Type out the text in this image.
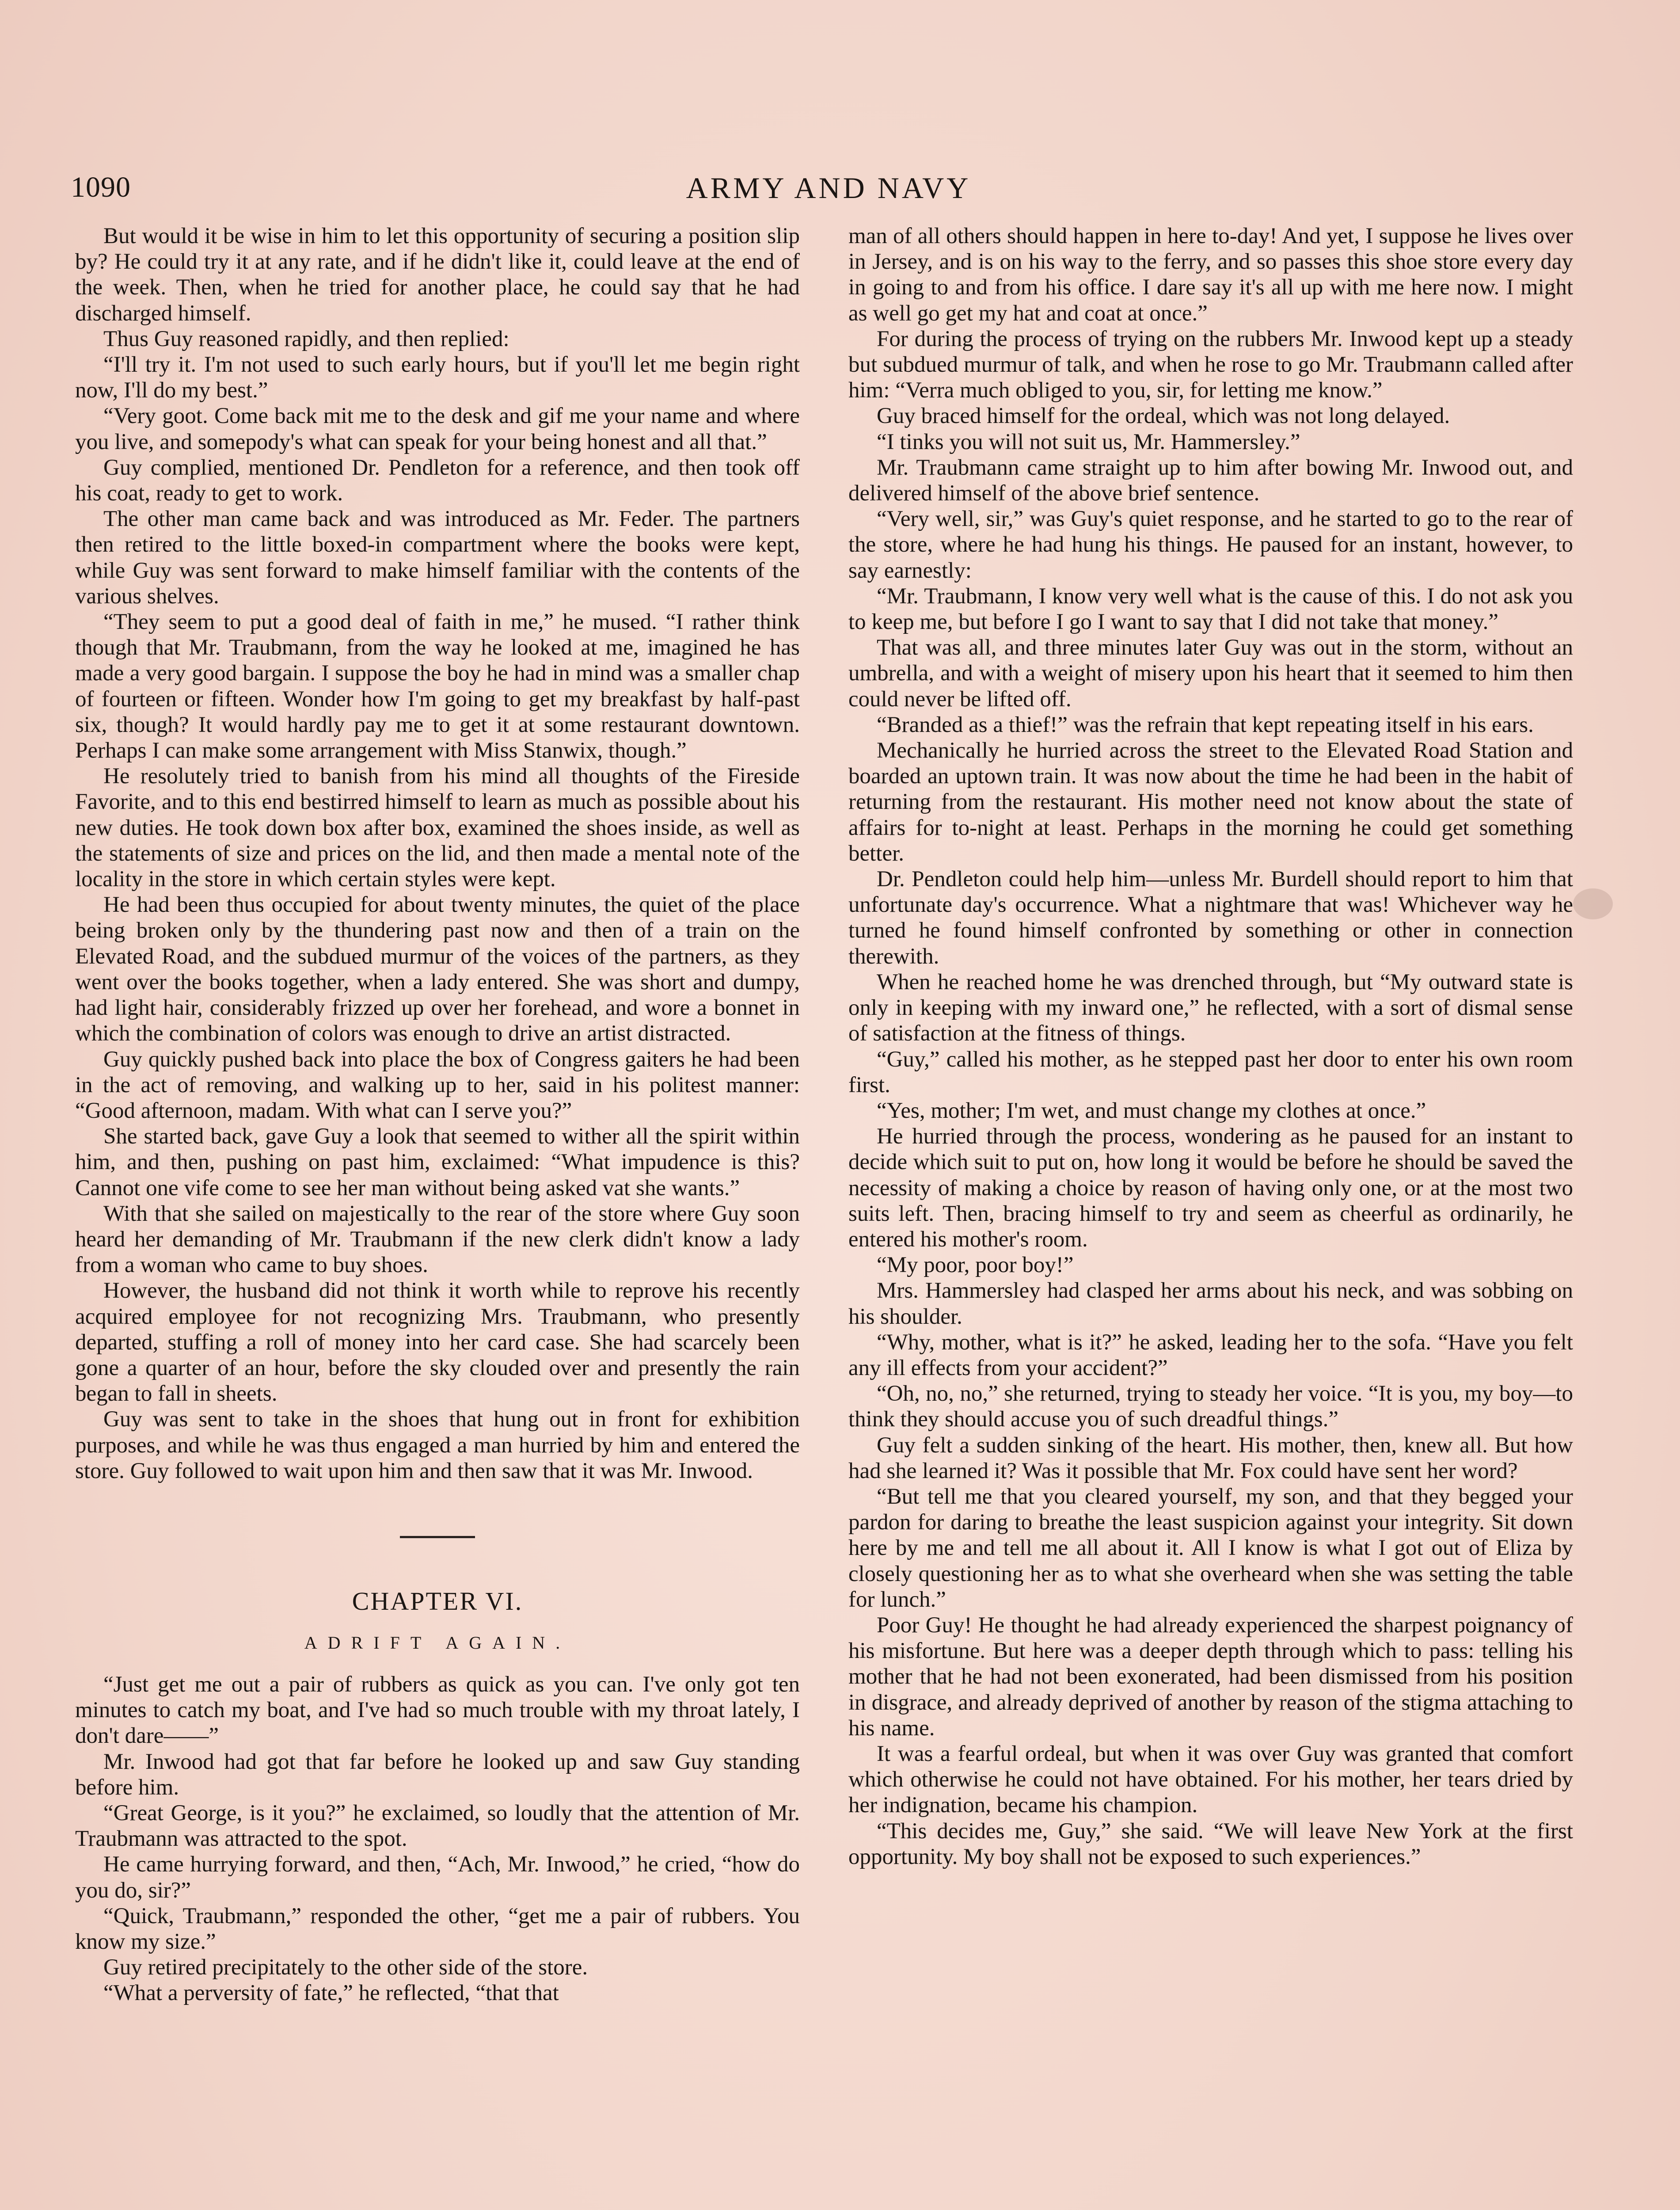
1090	ARMY AND NAVY

But would it be wise in him to let this opportunity of securing a position slip by? He could try it at any rate, and if he didn't like it, could leave at the end of the week. Then, when he tried for another place, he could say that he had discharged himself.

Thus Guy reasoned rapidly, and then replied:

“I'll try it. I'm not used to such early hours, but if you'll let me begin right now, I'll do my best.”

“Very goot. Come back mit me to the desk and gif me your name and where you live, and somepody's what can speak for your being honest and all that.”

Guy complied, mentioned Dr. Pendleton for a reference, and then took off his coat, ready to get to work.

The other man came back and was introduced as Mr. Feder. The partners then retired to the little boxed-in compartment where the books were kept, while Guy was sent forward to make himself familiar with the contents of the various shelves.

“They seem to put a good deal of faith in me,” he mused. “I rather think though that Mr. Traubmann, from the way he looked at me, imagined he has made a very good bargain. I suppose the boy he had in mind was a smaller chap of fourteen or fifteen. Wonder how I'm going to get my breakfast by half-past six, though? It would hardly pay me to get it at some restaurant downtown. Perhaps I can make some arrangement with Miss Stanwix, though.”

He resolutely tried to banish from his mind all thoughts of the Fireside Favorite, and to this end bestirred himself to learn as much as possible about his new duties. He took down box after box, examined the shoes inside, as well as the statements of size and prices on the lid, and then made a mental note of the locality in the store in which certain styles were kept.

He had been thus occupied for about twenty minutes, the quiet of the place being broken only by the thundering past now and then of a train on the Elevated Road, and the subdued murmur of the voices of the partners, as they went over the books together, when a lady entered. She was short and dumpy, had light hair, considerably frizzed up over her forehead, and wore a bonnet in which the combination of colors was enough to drive an artist distracted.

Guy quickly pushed back into place the box of Congress gaiters he had been in the act of removing, and walking up to her, said in his politest manner: “Good afternoon, madam. With what can I serve you?”

She started back, gave Guy a look that seemed to wither all the spirit within him, and then, pushing on past him, exclaimed: “What impudence is this? Cannot one vife come to see her man without being asked vat she wants.”

With that she sailed on majestically to the rear of the store where Guy soon heard her demanding of Mr. Traubmann if the new clerk didn't know a lady from a woman who came to buy shoes.

However, the husband did not think it worth while to reprove his recently acquired employee for not recognizing Mrs. Traubmann, who presently departed, stuffing a roll of money into her card case. She had scarcely been gone a quarter of an hour, before the sky clouded over and presently the rain began to fall in sheets.

Guy was sent to take in the shoes that hung out in front for exhibition purposes, and while he was thus engaged a man hurried by him and entered the store. Guy followed to wait upon him and then saw that it was Mr. Inwood.

CHAPTER VI.
ADRIFT AGAIN.

“Just get me out a pair of rubbers as quick as you can. I've only got ten minutes to catch my boat, and I've had so much trouble with my throat lately, I don't dare——”

Mr. Inwood had got that far before he looked up and saw Guy standing before him.

“Great George, is it you?” he exclaimed, so loudly that the attention of Mr. Traubmann was attracted to the spot.

He came hurrying forward, and then, “Ach, Mr. Inwood,” he cried, “how do you do, sir?”

“Quick, Traubmann,” responded the other, “get me a pair of rubbers. You know my size.”

Guy retired precipitately to the other side of the store.

“What a perversity of fate,” he reflected, “that that

man of all others should happen in here to-day! And yet, I suppose he lives over in Jersey, and is on his way to the ferry, and so passes this shoe store every day in going to and from his office. I dare say it's all up with me here now. I might as well go get my hat and coat at once.”

For during the process of trying on the rubbers Mr. Inwood kept up a steady but subdued murmur of talk, and when he rose to go Mr. Traubmann called after him: “Verra much obliged to you, sir, for letting me know.”

Guy braced himself for the ordeal, which was not long delayed.

“I tinks you will not suit us, Mr. Hammersley.”

Mr. Traubmann came straight up to him after bowing Mr. Inwood out, and delivered himself of the above brief sentence.

“Very well, sir,” was Guy's quiet response, and he started to go to the rear of the store, where he had hung his things. He paused for an instant, however, to say earnestly:

“Mr. Traubmann, I know very well what is the cause of this. I do not ask you to keep me, but before I go I want to say that I did not take that money.”

That was all, and three minutes later Guy was out in the storm, without an umbrella, and with a weight of misery upon his heart that it seemed to him then could never be lifted off.

“Branded as a thief!” was the refrain that kept repeating itself in his ears.

Mechanically he hurried across the street to the Elevated Road Station and boarded an uptown train. It was now about the time he had been in the habit of returning from the restaurant. His mother need not know about the state of affairs for to-night at least. Perhaps in the morning he could get something better.

Dr. Pendleton could help him—unless Mr. Burdell should report to him that unfortunate day's occurrence. What a nightmare that was! Whichever way he turned he found himself confronted by something or other in connection therewith.

When he reached home he was drenched through, but “My outward state is only in keeping with my inward one,” he reflected, with a sort of dismal sense of satisfaction at the fitness of things.

“Guy,” called his mother, as he stepped past her door to enter his own room first.

“Yes, mother; I'm wet, and must change my clothes at once.”

He hurried through the process, wondering as he paused for an instant to decide which suit to put on, how long it would be before he should be saved the necessity of making a choice by reason of having only one, or at the most two suits left. Then, bracing himself to try and seem as cheerful as ordinarily, he entered his mother's room.

“My poor, poor boy!”

Mrs. Hammersley had clasped her arms about his neck, and was sobbing on his shoulder.

“Why, mother, what is it?” he asked, leading her to the sofa. “Have you felt any ill effects from your accident?”

“Oh, no, no,” she returned, trying to steady her voice. “It is you, my boy—to think they should accuse you of such dreadful things.”

Guy felt a sudden sinking of the heart. His mother, then, knew all. But how had she learned it? Was it possible that Mr. Fox could have sent her word?

“But tell me that you cleared yourself, my son, and that they begged your pardon for daring to breathe the least suspicion against your integrity. Sit down here by me and tell me all about it. All I know is what I got out of Eliza by closely questioning her as to what she overheard when she was setting the table for lunch.”

Poor Guy! He thought he had already experienced the sharpest poignancy of his misfortune. But here was a deeper depth through which to pass: telling his mother that he had not been exonerated, had been dismissed from his position in disgrace, and already deprived of another by reason of the stigma attaching to his name.

It was a fearful ordeal, but when it was over Guy was granted that comfort which otherwise he could not have obtained. For his mother, her tears dried by her indignation, became his champion.

“This decides me, Guy,” she said. “We will leave New York at the first opportunity. My boy shall not be exposed to such experiences.”
